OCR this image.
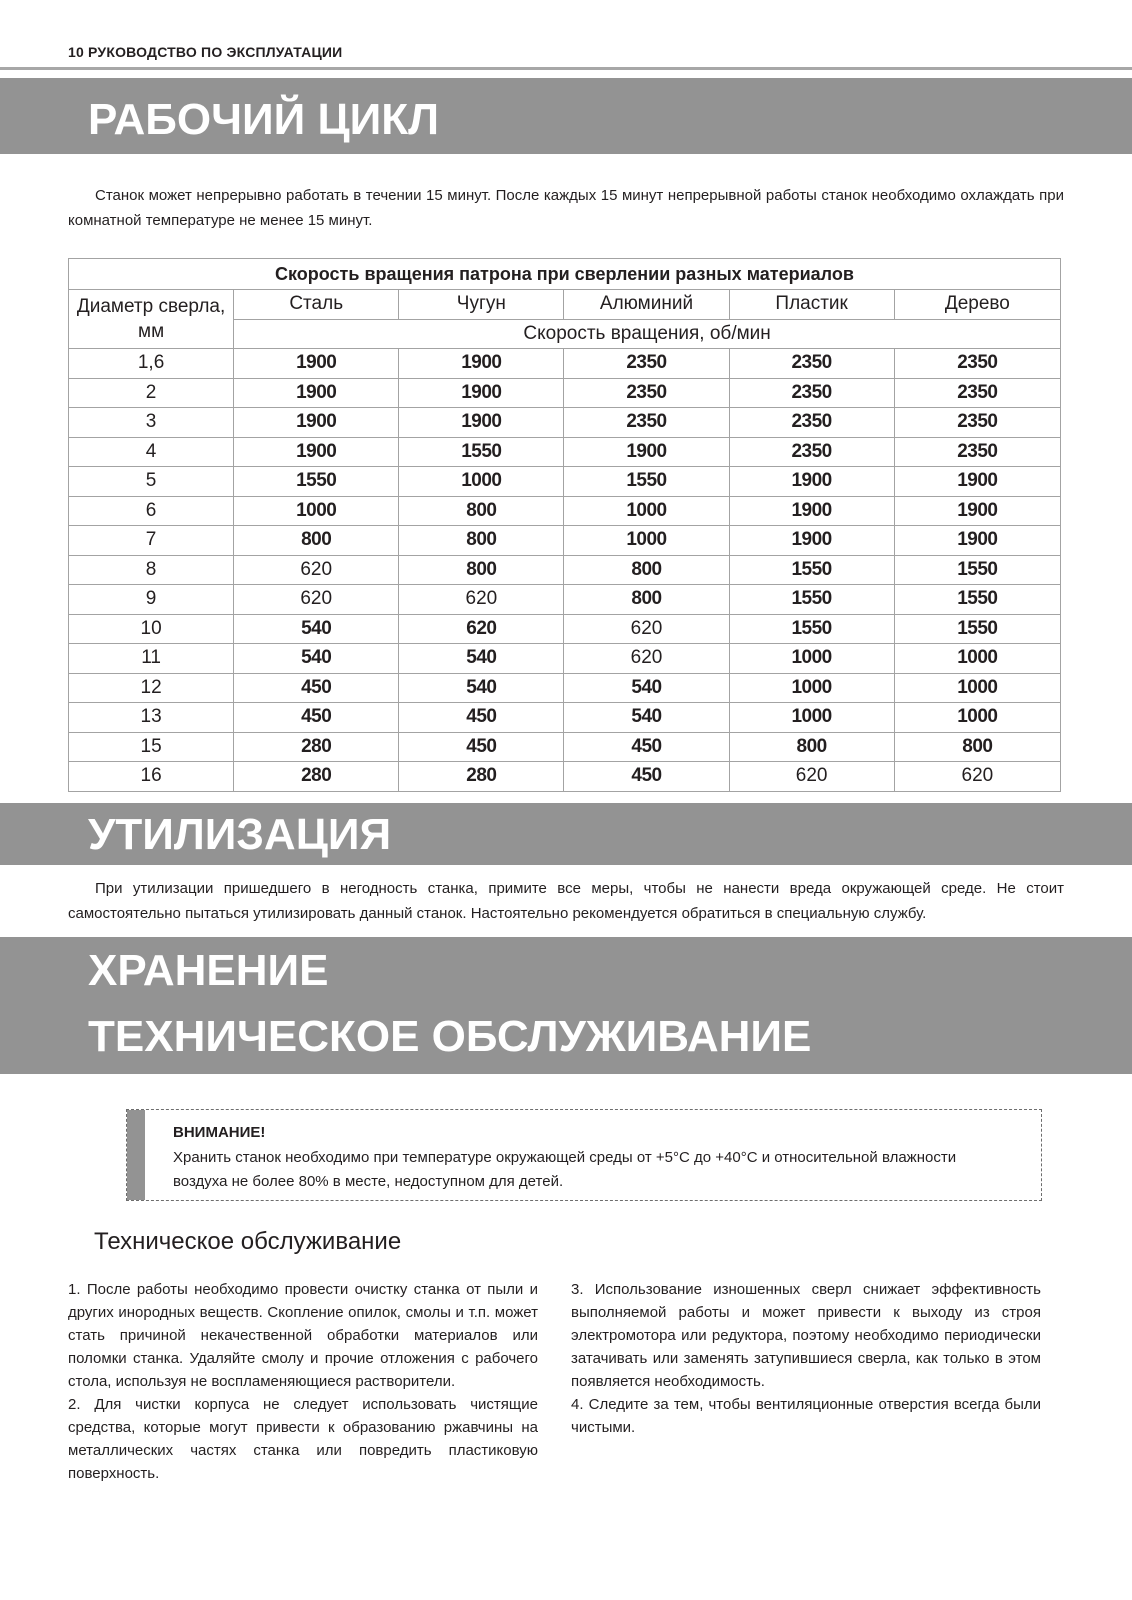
10 РУКОВОДСТВО ПО ЭКСПЛУАТАЦИИ
РАБОЧИЙ ЦИКЛ

Станок может непрерывно работать в течении 15 минут. После каждых 15 минут непрерывной работы станок необходимо охлаждать при комнатной температуре не менее 15 минут.

Скорость вращения патрона при сверлении разных материалов					
Диаметр сверла, мм	Сталь	Чугун	Алюминий	Пластик	Дерево
	Скорость вращения, об/мин				
1,6	1900	1900	2350	2350	2350
2	1900	1900	2350	2350	2350
3	1900	1900	2350	2350	2350
4	1900	1550	1900	2350	2350
5	1550	1000	1550	1900	1900
6	1000	800	1000	1900	1900
7	800	800	1000	1900	1900
8	620	800	800	1550	1550
9	620	620	800	1550	1550
10	540	620	620	1550	1550
11	540	540	620	1000	1000
12	450	540	540	1000	1000
13	450	450	540	1000	1000
15	280	450	450	800	800
16	280	280	450	620	620
УТИЛИЗАЦИЯ

При утилизации пришедшего в негодность станка, примите все меры, чтобы не нанести вреда окружающей среде. Не стоит самостоятельно пытаться утилизировать данный станок. Настоятельно рекомендуется обратиться в специальную службу.

ХРАНЕНИЕ
ТЕХНИЧЕСКОЕ ОБСЛУЖИВАНИЕ
ВНИМАНИЕ!

Хранить станок необходимо при температуре окружающей среды от +5°С до +40°С и относительной влажности воздуха не более 80% в месте, недоступном для детей.

Техническое обслуживание

1. После работы необходимо провести очистку станка от пыли и других инородных веществ. Скопление опилок, смолы и т.п. может стать причиной некачественной обработки материалов или поломки станка. Удаляйте смолу и прочие отложения с рабочего стола, используя не воспламеняющиеся растворители.

2. Для чистки корпуса не следует использовать чистящие средства, которые могут привести к образованию ржавчины на металлических частях станка или повредить пластиковую поверхность.

3. Использование изношенных сверл снижает эффективность выполняемой работы и может привести к выходу из строя электромотора или редуктора, поэтому необходимо периодически затачивать или заменять затупившиеся сверла, как только в этом появляется необходимость.

4. Следите за тем, чтобы вентиляционные отверстия всегда были чистыми.
